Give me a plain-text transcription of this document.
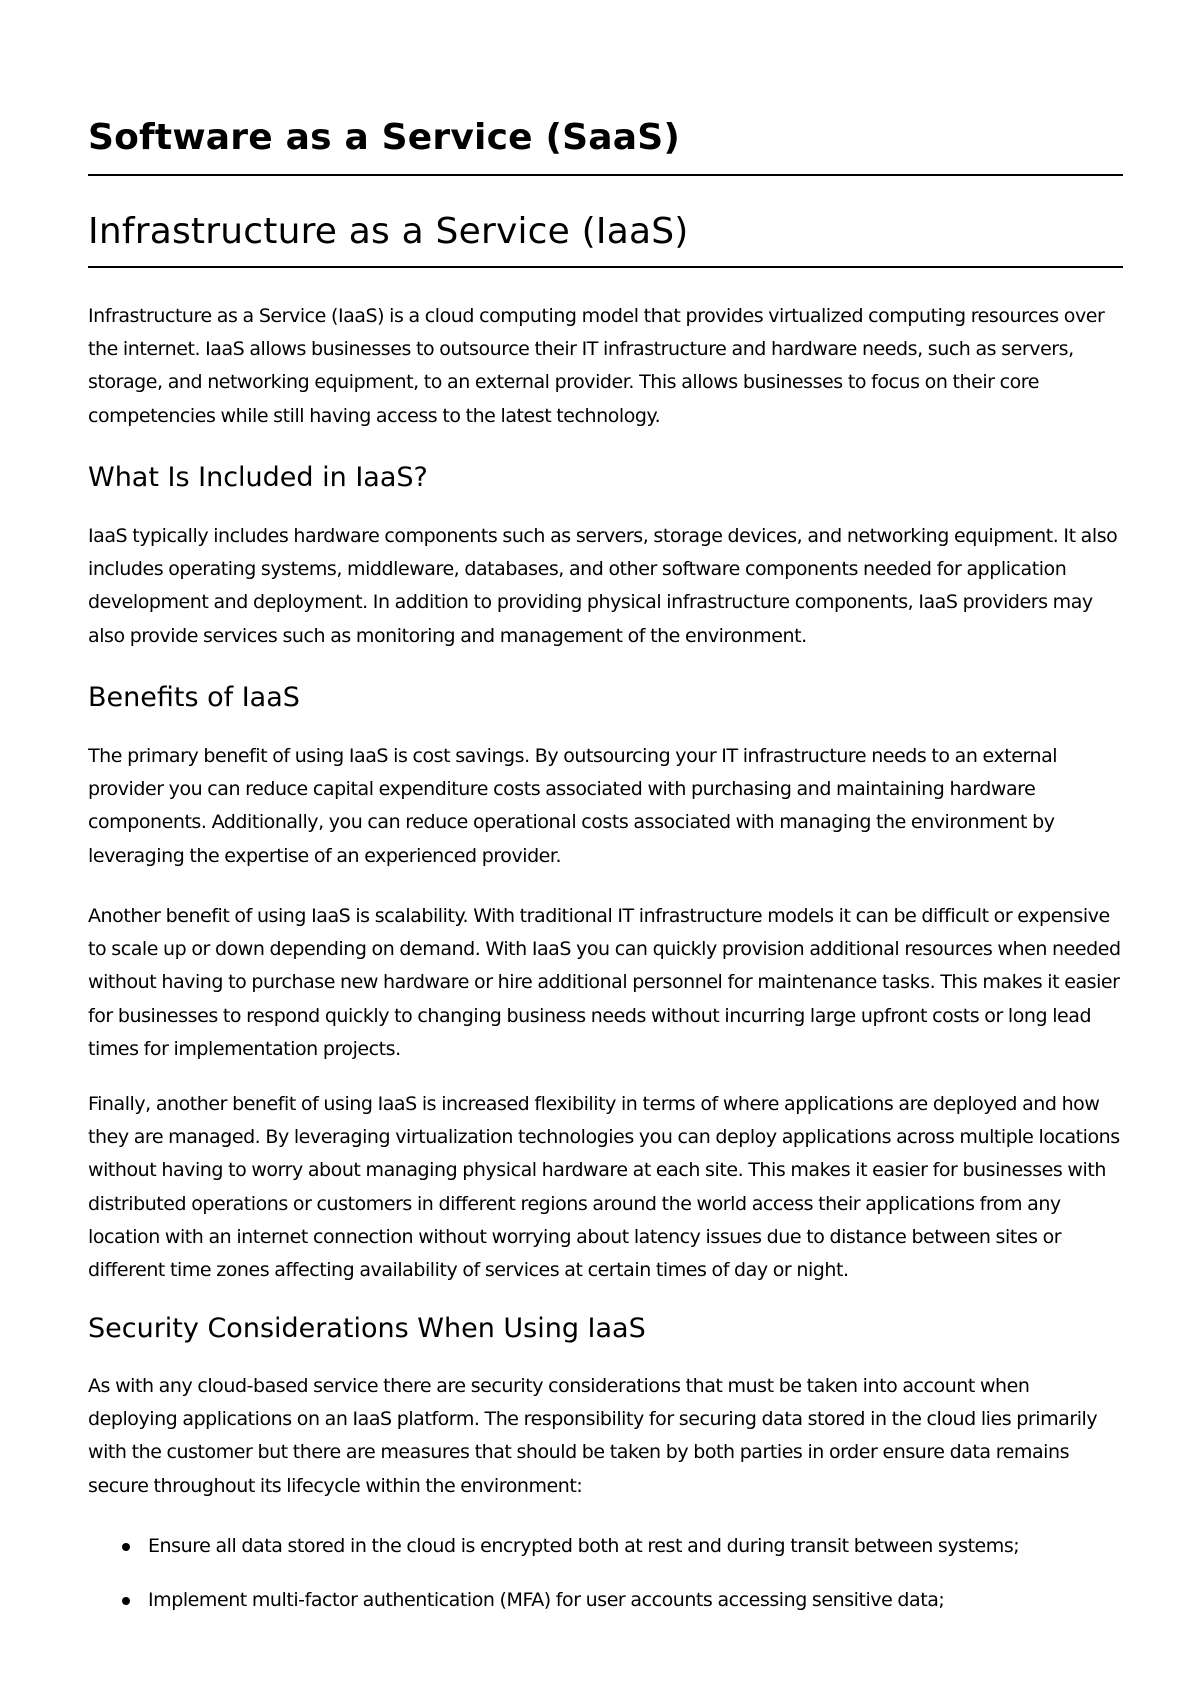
Software as a Service (SaaS)
Infrastructure as a Service (IaaS)

Infrastructure as a Service (IaaS) is a cloud computing model that provides virtualized computing resources over the internet. IaaS allows businesses to outsource their IT infrastructure and hardware needs, such as servers, storage, and networking equipment, to an external provider. This allows businesses to focus on their core competencies while still having access to the latest technology.

What Is Included in IaaS?

IaaS typically includes hardware components such as servers, storage devices, and networking equipment. It also includes operating systems, middleware, databases, and other software components needed for application development and deployment. In addition to providing physical infrastructure components, IaaS providers may also provide services such as monitoring and management of the environment.

Benefits of IaaS

The primary benefit of using IaaS is cost savings. By outsourcing your IT infrastructure needs to an external provider you can reduce capital expenditure costs associated with purchasing and maintaining hardware components. Additionally, you can reduce operational costs associated with managing the environment by leveraging the expertise of an experienced provider.

Another benefit of using IaaS is scalability. With traditional IT infrastructure models it can be difficult or expensive to scale up or down depending on demand. With IaaS you can quickly provision additional resources when needed without having to purchase new hardware or hire additional personnel for maintenance tasks. This makes it easier for businesses to respond quickly to changing business needs without incurring large upfront costs or long lead times for implementation projects.

Finally, another benefit of using IaaS is increased flexibility in terms of where applications are deployed and how they are managed. By leveraging virtualization technologies you can deploy applications across multiple locations without having to worry about managing physical hardware at each site. This makes it easier for businesses with distributed operations or customers in different regions around the world access their applications from any location with an internet connection without worrying about latency issues due to distance between sites or different time zones affecting availability of services at certain times of day or night.

Security Considerations When Using IaaS

As with any cloud-based service there are security considerations that must be taken into account when deploying applications on an IaaS platform. The responsibility for securing data stored in the cloud lies primarily with the customer but there are measures that should be taken by both parties in order ensure data remains secure throughout its lifecycle within the environment:

Ensure all data stored in the cloud is encrypted both at rest and during transit between systems;
Implement multi-factor authentication (MFA) for user accounts accessing sensitive data;
